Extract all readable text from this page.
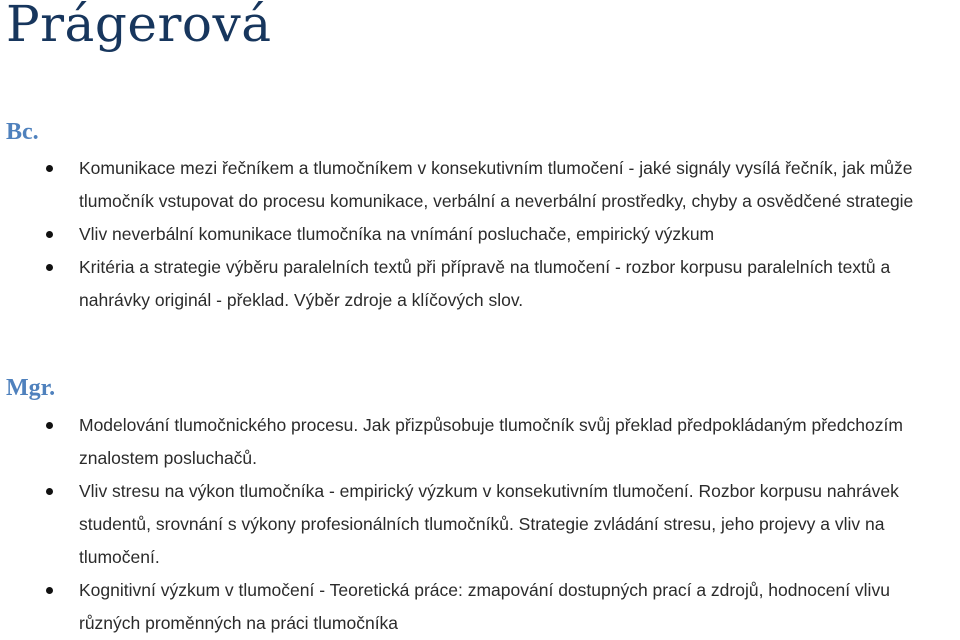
Prágerová
Bc.
Komunikace mezi řečníkem a tlumočníkem v konsekutivním tlumočení - jaké signály vysílá řečník, jak může tlumočník vstupovat do procesu komunikace, verbální a neverbální prostředky, chyby a osvědčené strategie
Vliv neverbální komunikace tlumočníka na vnímání posluchače, empirický výzkum
Kritéria a strategie výběru paralelních textů při přípravě na tlumočení - rozbor korpusu paralelních textů a nahrávky originál - překlad. Výběr zdroje a klíčových slov.
Mgr.
Modelování tlumočnického procesu. Jak přizpůsobuje tlumočník svůj překlad předpokládaným předchozím znalostem posluchačů.
Vliv stresu na výkon tlumočníka - empirický výzkum v konsekutivním tlumočení. Rozbor korpusu nahrávek studentů, srovnání s výkony profesionálních tlumočníků. Strategie zvládání stresu, jeho projevy a vliv na tlumočení.
Kognitivní výzkum v tlumočení - Teoretická práce: zmapování dostupných prací a zdrojů, hodnocení vlivu různých proměnných na práci tlumočníka
